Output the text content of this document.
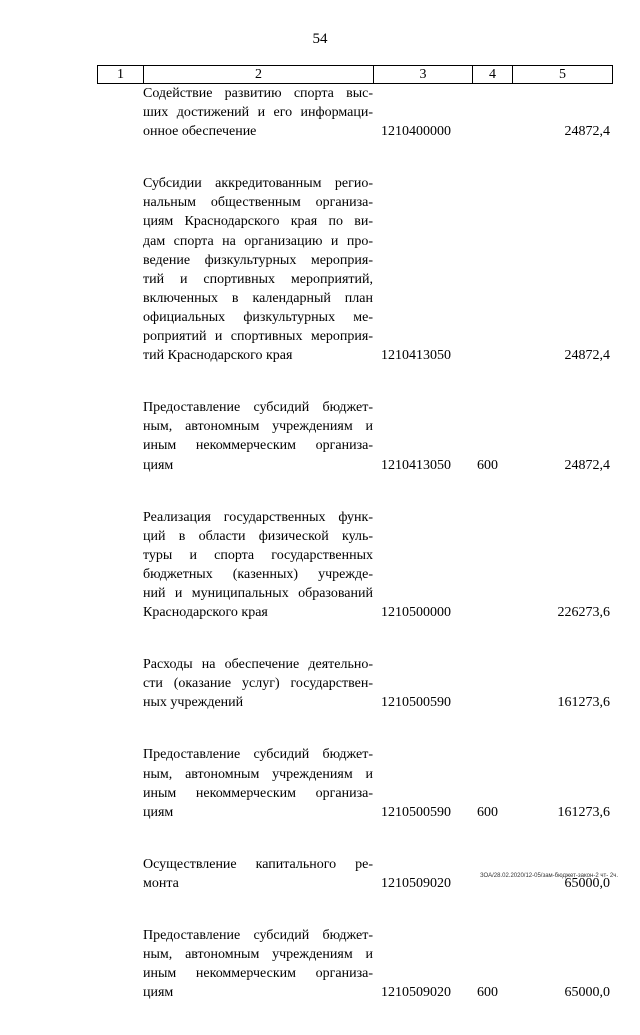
54
1	2	3	4	5
Содействие развитию спорта выс-
ших достижений и его информаци-
онное обеспечение	1210400000	24872,4
Субсидии аккредитованным регио-
нальным общественным организа-
циям Краснодарского края по ви-
дам спорта на организацию и про-
ведение физкультурных мероприя-
тий и спортивных мероприятий,
включенных в календарный план
официальных физкультурных ме-
роприятий и спортивных мероприя-
тий Краснодарского края	1210413050	24872,4
Предоставление субсидий бюджет-
ным, автономным учреждениям и
иным некоммерческим организа-
циям	1210413050 600	24872,4
Реализация государственных функ-
ций в области физической куль-
туры и спорта государственных
бюджетных (казенных) учрежде-
ний и муниципальных образований
Краснодарского края	1210500000	226273,6
Расходы на обеспечение деятельно-
сти (оказание услуг) государствен-
ных учреждений	1210500590	161273,6
Предоставление субсидий бюджет-
ным, автономным учреждениям и
иным некоммерческим организа-
циям	1210500590 600	161273,6
Осуществление капитального ре-
монта	1210509020	65000,0
Предоставление субсидий бюджет-
ным, автономным учреждениям и
иным некоммерческим организа-
циям	1210509020 600	65000,0
ЗОА/28.02.2020/12-05/зам-бюджет-закон-2 чт- 2ч.
